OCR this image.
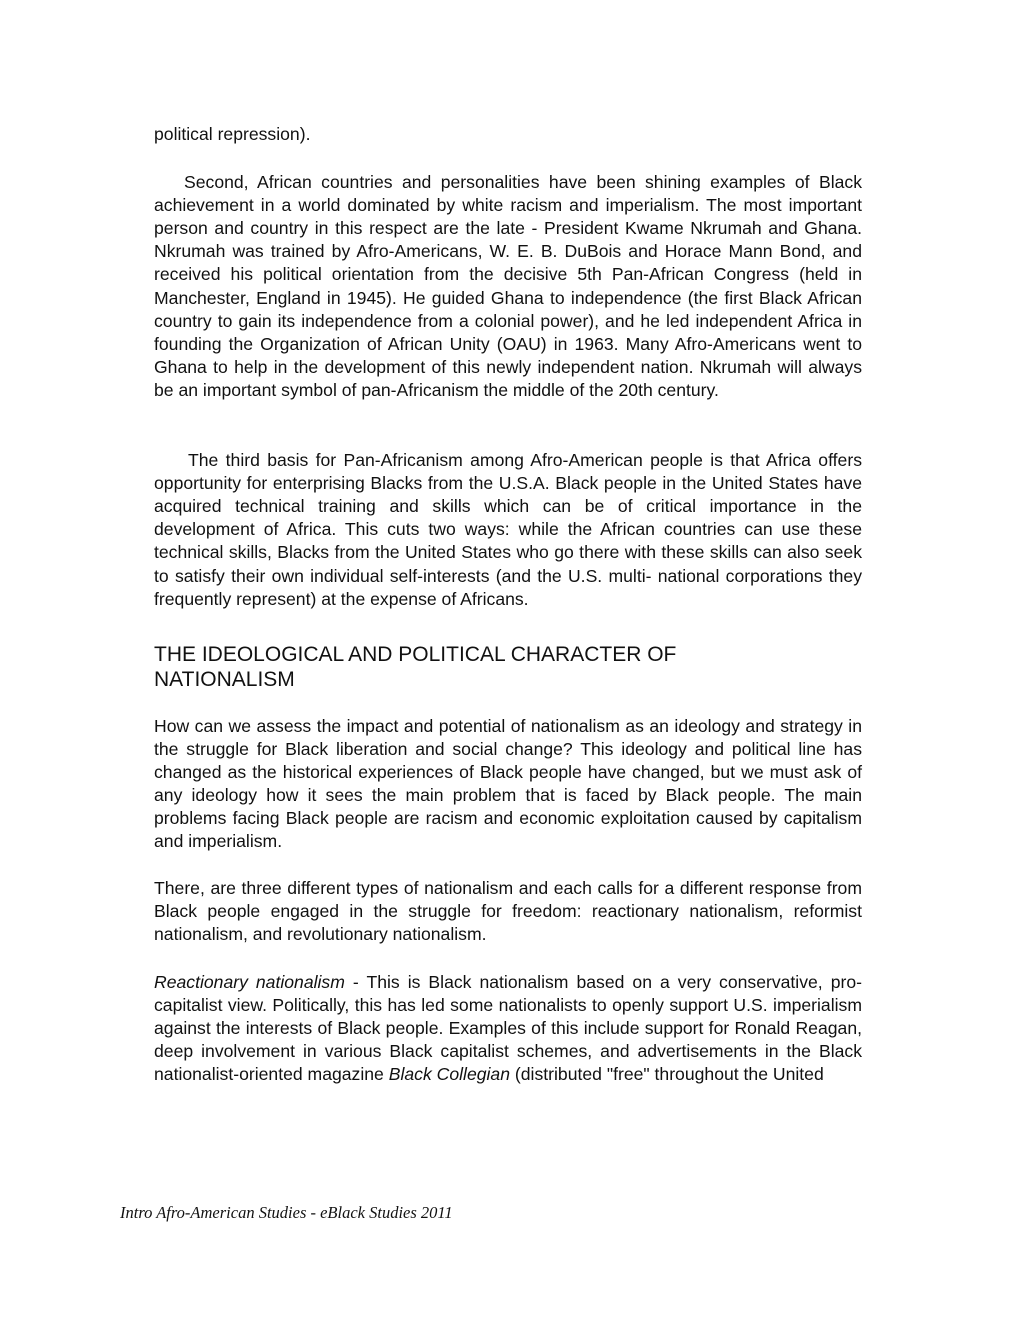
political repression).

Second, African countries and personalities have been shining examples of Black achievement in a world dominated by white racism and imperialism. The most important person and country in this respect are the late - President Kwame Nkrumah and Ghana. Nkrumah was trained by Afro-Americans, W. E. B. DuBois and Horace Mann Bond, and received his political orientation from the decisive 5th Pan-African Congress (held in Manchester, England in 1945). He guided Ghana to independence (the first Black African country to gain its independence from a colonial power), and he led independent Africa in founding the Organization of African Unity (OAU) in 1963. Many Afro-Americans went to Ghana to help in the development of this newly independent nation. Nkrumah will always be an important symbol of pan-Africanism the middle of the 20th century.

The third basis for Pan-Africanism among Afro-American people is that Africa offers opportunity for enterprising Blacks from the U.S.A. Black people in the United States have acquired technical training and skills which can be of critical importance in the development of Africa. This cuts two ways: while the African countries can use these technical skills, Blacks from the United States who go there with these skills can also seek to satisfy their own individual self-interests (and the U.S. multi- national corporations they frequently represent) at the expense of Africans.

THE IDEOLOGICAL AND POLITICAL CHARACTER OF NATIONALISM

How can we assess the impact and potential of nationalism as an ideology and strategy in the struggle for Black liberation and social change? This ideology and political line has changed as the historical experiences of Black people have changed, but we must ask of any ideology how it sees the main problem that is faced by Black people. The main problems facing Black people are racism and economic exploitation caused by capitalism and imperialism.

There, are three different types of nationalism and each calls for a different response from Black people engaged in the struggle for freedom: reactionary nationalism, reformist nationalism, and revolutionary nationalism.

Reactionary nationalism - This is Black nationalism based on a very conservative, pro-capitalist view. Politically, this has led some nationalists to openly support U.S. imperialism against the interests of Black people. Examples of this include support for Ronald Reagan, deep involvement in various Black capitalist schemes, and advertisements in the Black nationalist-oriented magazine Black Collegian (distributed "free" throughout the United

Intro Afro-American Studies - eBlack Studies 2011
